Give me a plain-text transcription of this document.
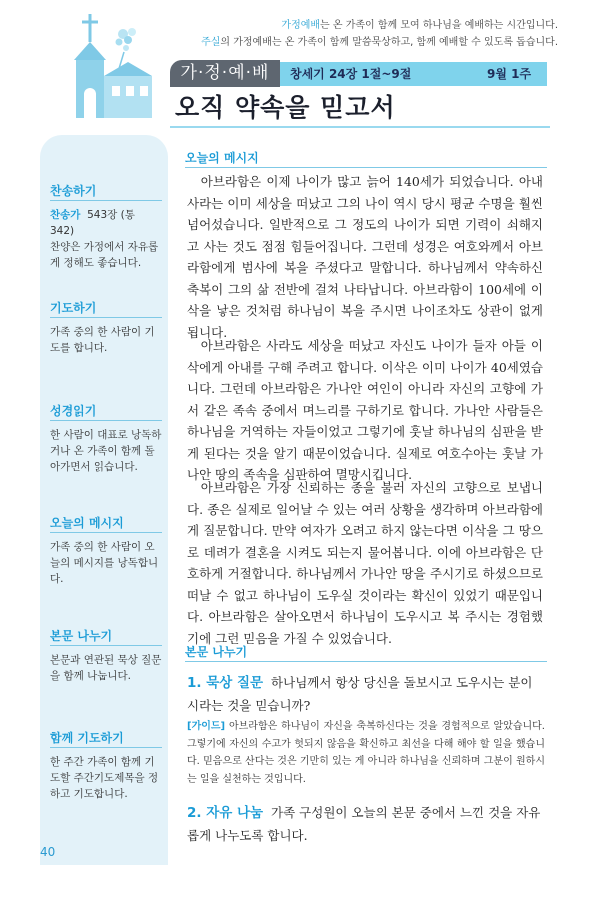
가정예배는 온 가족이 함께 모여 하나님을 예배하는 시간입니다.
주실의 가정예배는 온 가족이 함께 말씀묵상하고, 함께 예배할 수 있도록 돕습니다.
가·정·예·배	창세기 24장 1절~9절	9월 1주
오직 약속을 믿고서
찬송하기
찬송가 543장 (통 342)
찬양은 가정에서 자유롭게 정해도 좋습니다.
기도하기
가족 중의 한 사람이 기도를 합니다.
성경읽기
한 사람이 대표로 낭독하거나 온 가족이 함께 돌아가면서 읽습니다.
오늘의 메시지
가족 중의 한 사람이 오늘의 메시지를 낭독합니다.
본문 나누기
본문과 연관된 묵상 질문을 함께 나눕니다.
함께 기도하기
한 주간 가족이 함께 기도할 주간기도제목을 정하고 기도합니다.
오늘의 메시지

아브라함은 이제 나이가 많고 늙어 140세가 되었습니다. 아내 사라는 이미 세상을 떠났고 그의 나이 역시 당시 평균 수명을 훨씬 넘어섰습니다. 일반적으로 그 정도의 나이가 되면 기력이 쇠해지고 사는 것도 점점 힘들어집니다. 그런데 성경은 여호와께서 아브라함에게 범사에 복을 주셨다고 말합니다. 하나님께서 약속하신 축복이 그의 삶 전반에 걸쳐 나타납니다. 아브라함이 100세에 이삭을 낳은 것처럼 하나님이 복을 주시면 나이조차도 상관이 없게 됩니다.

아브라함은 사라도 세상을 떠났고 자신도 나이가 들자 아들 이삭에게 아내를 구해 주려고 합니다. 이삭은 이미 나이가 40세였습니다. 그런데 아브라함은 가나안 여인이 아니라 자신의 고향에 가서 같은 족속 중에서 며느리를 구하기로 합니다. 가나안 사람들은 하나님을 거역하는 자들이었고 그렇기에 훗날 하나님의 심판을 받게 된다는 것을 알기 때문이었습니다. 실제로 여호수아는 훗날 가나안 땅의 족속을 심판하여 멸망시킵니다.

아브라함은 가장 신뢰하는 종을 불러 자신의 고향으로 보냅니다. 종은 실제로 일어날 수 있는 여러 상황을 생각하며 아브라함에게 질문합니다. 만약 여자가 오려고 하지 않는다면 이삭을 그 땅으로 데려가 결혼을 시켜도 되는지 물어봅니다. 이에 아브라함은 단호하게 거절합니다. 하나님께서 가나안 땅을 주시기로 하셨으므로 떠날 수 없고 하나님이 도우실 것이라는 확신이 있었기 때문입니다. 아브라함은 살아오면서 하나님이 도우시고 복 주시는 경험했기에 그런 믿음을 가질 수 있었습니다.

본문 나누기
1. 묵상 질문 하나님께서 항상 당신을 돌보시고 도우시는 분이시라는 것을 믿습니까?
[가이드] 아브라함은 하나님이 자신을 축복하신다는 것을 경험적으로 알았습니다. 그렇기에 자신의 수고가 헛되지 않음을 확신하고 최선을 다해 해야 할 일을 했습니다. 믿음으로 산다는 것은 기만히 있는 게 아니라 하나님을 신뢰하며 그분이 원하시는 일을 실천하는 것입니다.
2. 자유 나눔 가족 구성원이 오늘의 본문 중에서 느낀 것을 자유롭게 나누도록 합니다.
40
